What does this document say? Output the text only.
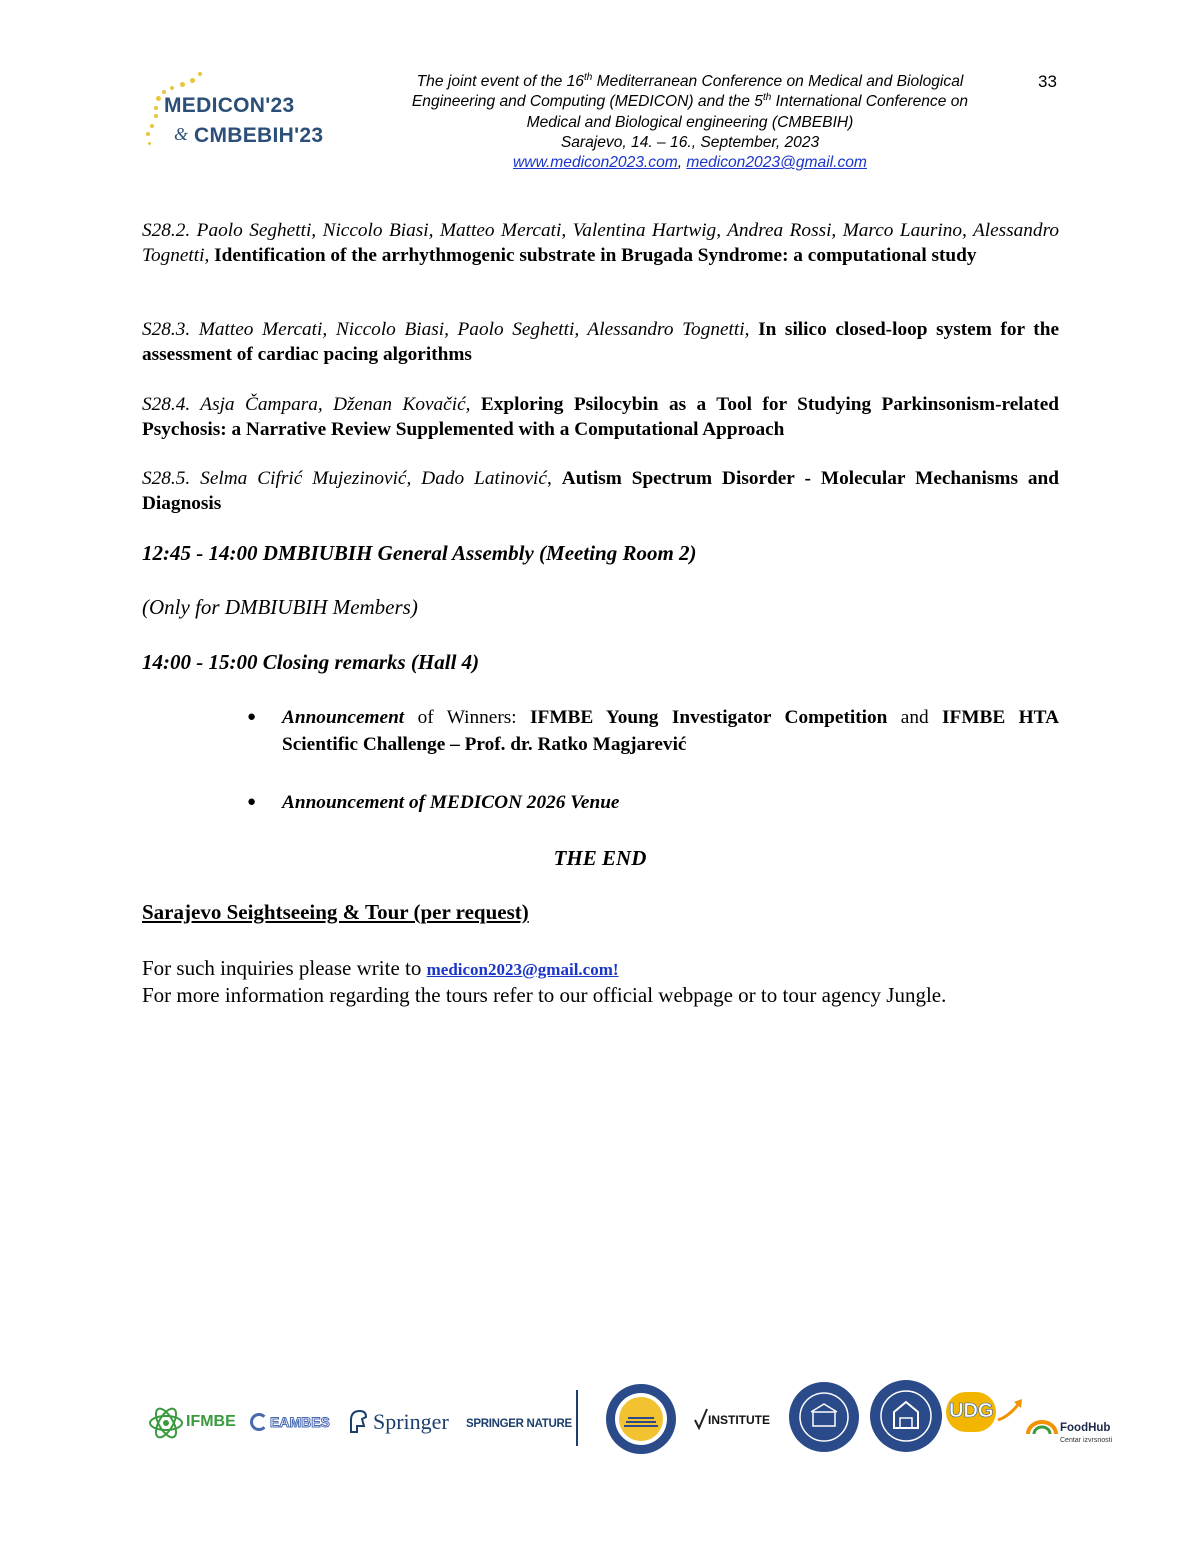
MEDICON'23
& CMBEBIH'23
The joint event of the 16th Mediterranean Conference on Medical and Biological
Engineering and Computing (MEDICON) and the 5th International Conference on
Medical and Biological engineering (CMBEBIH)
Sarajevo, 14. – 16., September, 2023
www.medicon2023.com, medicon2023@gmail.com
33
S28.2. Paolo Seghetti, Niccolo Biasi, Matteo Mercati, Valentina Hartwig, Andrea Rossi, Marco Laurino, Alessandro Tognetti, Identification of the arrhythmogenic substrate in Brugada Syndrome: a computational study
S28.3. Matteo Mercati, Niccolo Biasi, Paolo Seghetti, Alessandro Tognetti, In silico closed-loop system for the assessment of cardiac pacing algorithms
S28.4. Asja Čampara, Dženan Kovačić, Exploring Psilocybin as a Tool for Studying Parkinsonism-related Psychosis: a Narrative Review Supplemented with a Computational Approach
S28.5. Selma Cifrić Mujezinović, Dado Latinović, Autism Spectrum Disorder - Molecular Mechanisms and Diagnosis
12:45 - 14:00 DMBIUBIH General Assembly (Meeting Room 2)
(Only for DMBIUBIH Members)
14:00 - 15:00 Closing remarks (Hall 4)
● Announcement of Winners: IFMBE Young Investigator Competition and IFMBE HTA Scientific Challenge – Prof. dr. Ratko Magjarević
● Announcement of MEDICON 2026 Venue
THE END
Sarajevo Seightseeing & Tour (per request)
For such inquiries please write to medicon2023@gmail.com!
For more information regarding the tours refer to our official webpage or to tour agency Jungle.
IFMBE EAMBES Springer SPRINGER NATURE	INSTITUTE	UDG
FoodHub
Centar izvrsnosti
